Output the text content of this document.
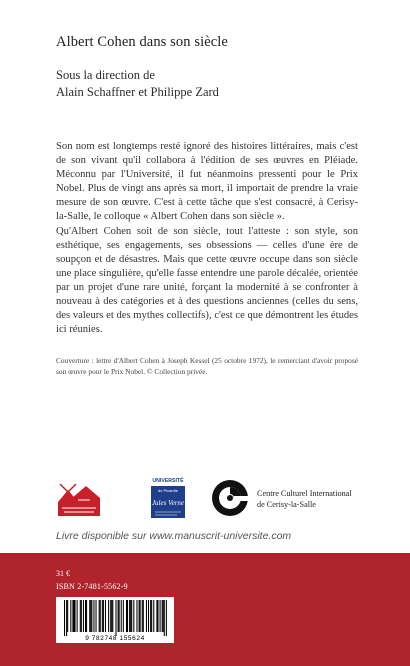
Albert Cohen dans son siècle
Sous la direction de
Alain Schaffner et Philippe Zard

Son nom est longtemps resté ignoré des histoires littéraires, mais c'est de son vivant qu'il collabora à l'édition de ses œuvres en Pléiade. Méconnu par l'Université, il fut néanmoins pressenti pour le Prix Nobel. Plus de vingt ans après sa mort, il importait de prendre la vraie mesure de son œuvre. C'est à cette tâche que s'est consacré, à Cerisy-la-Salle, le colloque « Albert Cohen dans son siècle ».

Qu'Albert Cohen soit de son siècle, tout l'atteste : son style, son esthétique, ses engagements, ses obsessions — celles d'une ère de soupçon et de désastres. Mais que cette œuvre occupe dans son siècle une place singulière, qu'elle fasse entendre une parole décalée, orientée par un projet d'une rare unité, forçant la modernité à se confronter à nouveau à des catégories et à des questions anciennes (celles du sens, des valeurs et des mythes collectifs), c'est ce que démontrent les études ici réunies.

Couverture : lettre d'Albert Cohen à Joseph Kessel (25 octobre 1972), le remerciant d'avoir proposé son œuvre pour le Prix Nobel. © Collection privée.
UNIVERSITÉ
de Picardie
Jules Verne
Centre Culturel International
de Cerisy-la-Salle
Livre disponible sur www.manuscrit-universite.com
31 €
ISBN 2-7481-5562-9
9 782748 155624
